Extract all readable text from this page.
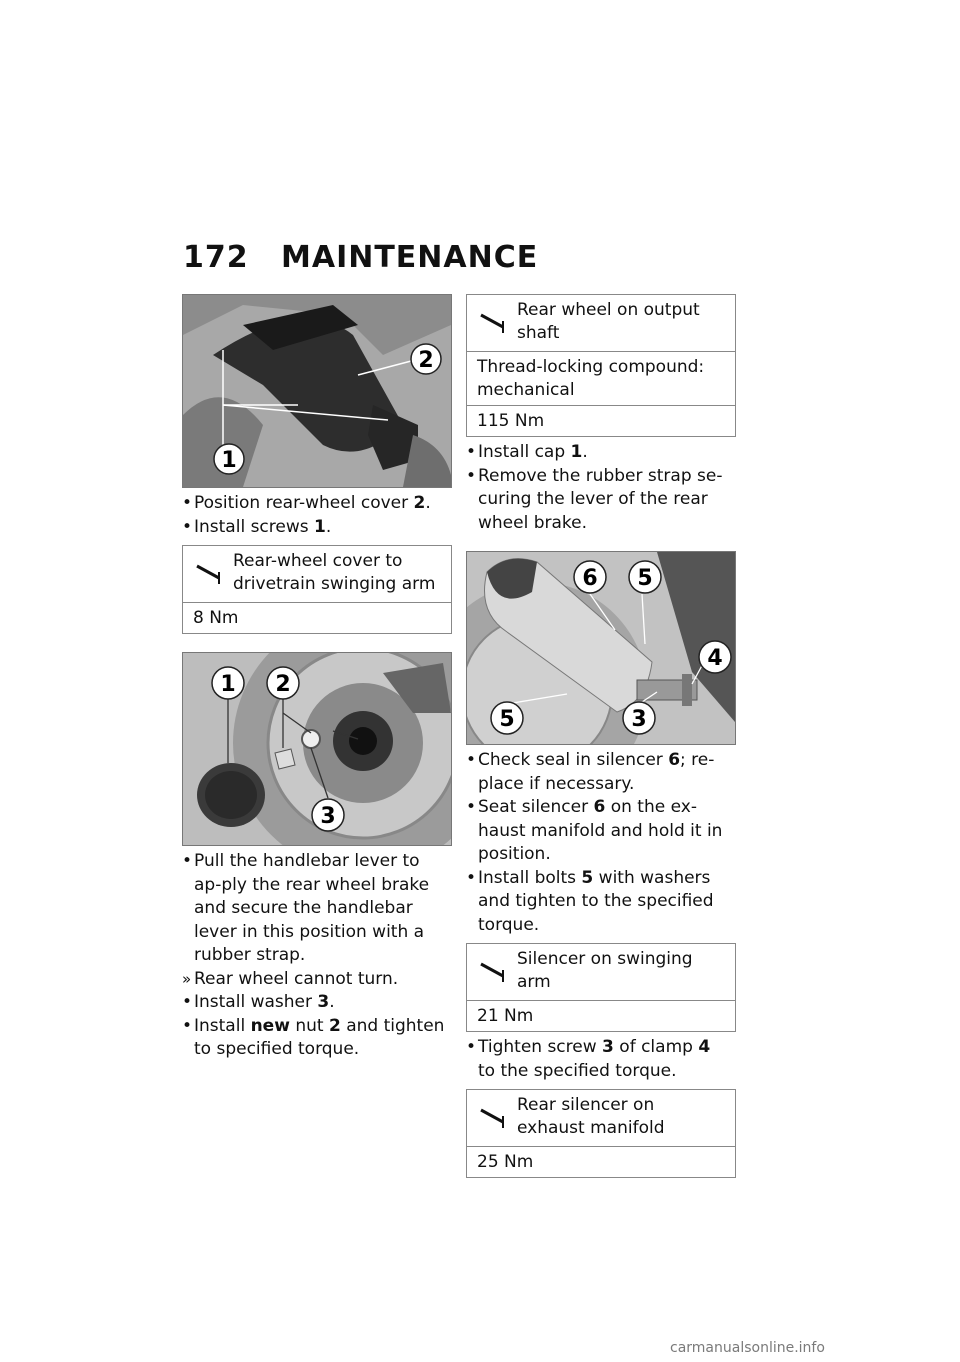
172 MAINTENANCE
2
1
• Position rear-wheel cover 2.
• Install screws 1.
Rear-wheel cover to drivetrain swinging arm
8 Nm
1 2
3
• Pull the handlebar lever to ap-ply the rear wheel brake and secure the handlebar lever in this position with a rubber strap.
» Rear wheel cannot turn.
• Install washer 3.
• Install new nut 2 and tighten to specified torque.
Rear wheel on output shaft
Thread-locking compound: mechanical
115 Nm
• Install cap 1.
• Remove the rubber strap se-curing the lever of the rear wheel brake.
6 5
4
5	3
• Check seal in silencer 6; re-place if necessary.
• Seat silencer 6 on the ex-haust manifold and hold it in position.
• Install bolts 5 with washers and tighten to the specified torque.
Silencer on swinging arm
21 Nm
• Tighten screw 3 of clamp 4
to the specified torque.
Rear silencer on exhaust manifold
25 Nm
carmanualsonline.info
